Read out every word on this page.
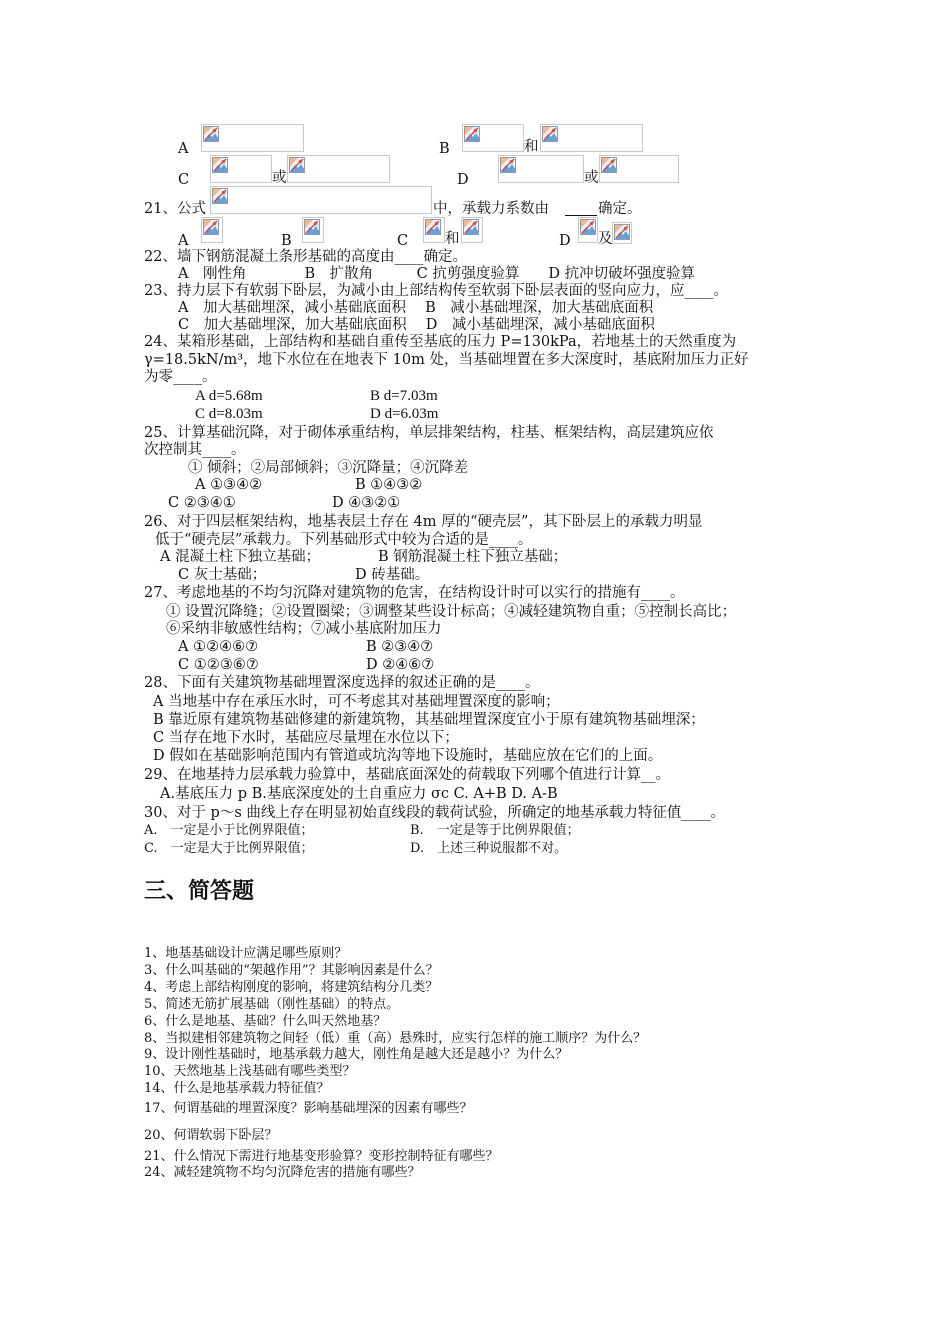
A	B	和
C	或	D	或
21、公式	中，承载力系数由	确定。
A	B	C	和	D 及
22、墙下钢筋混凝土条形基础的高度由____确定。
A　刚性角　　　　B　扩散角　　　C 抗剪强度验算　　D 抗冲切破坏强度验算
23、持力层下有软弱下卧层，为减小由上部结构传至软弱下卧层表面的竖向应力，应____。
A　加大基础埋深，减小基础底面积　 B　减小基础埋深，加大基础底面积
C　加大基础埋深，加大基础底面积　 D　减小基础埋深，减小基础底面积
24、某箱形基础，上部结构和基础自重传至基底的压力 P=130kPa，若地基土的天然重度为
γ=18.5kN/m³，地下水位在在地表下 10m 处，当基础埋置在多大深度时，基底附加压力正好
为零____。
A d=5.68m	B d=7.03m
C d=8.03m	D d=6.03m
25、计算基础沉降，对于砌体承重结构，单层排架结构，柱基、框架结构，高层建筑应依
次控制其____。
① 倾斜；②局部倾斜；③沉降量；④沉降差
A ①③④②	B ①④③②
C ②③④①	D ④③②①
26、对于四层框架结构，地基表层土存在 4m 厚的“硬壳层”，其下卧层上的承载力明显
低于“硬壳层”承载力。下列基础形式中较为合适的是____。
A 混凝土柱下独立基础；	B 钢筋混凝土柱下独立基础；
C 灰士基础；	D 砖基础。
27、考虑地基的不均匀沉降对建筑物的危害，在结构设计时可以实行的措施有____。
① 设置沉降缝；②设置圈梁；③调整某些设计标高；④减轻建筑物自重；⑤控制长高比；
⑥采纳非敏感性结构；⑦减小基底附加压力
A ①②④⑥⑦	B ②③④⑦
C ①②③⑥⑦	D ②④⑥⑦
28、下面有关建筑物基础埋置深度选择的叙述正确的是____。
A 当地基中存在承压水时，可不考虑其对基础埋置深度的影响；
B 靠近原有建筑物基础修建的新建筑物，其基础埋置深度宜小于原有建筑物基础埋深；
C 当存在地下水时，基础应尽量埋在水位以下；
D 假如在基础影响范围内有管道或坑沟等地下设施时，基础应放在它们的上面。
29、在地基持力层承载力验算中，基础底面深处的荷载取下列哪个值进行计算__。
A.基底压力 p B.基底深度处的土自重应力 σc C. A+B D. A-B
30、对于 p～s 曲线上存在明显初始直线段的载荷试验，所确定的地基承载力特征值____。
A.　一定是小于比例界限值；	B.　一定是等于比例界限值；
C.　一定是大于比例界限值；	D.　上述三种说服都不对。
三、简答题
1、地基基础设计应满足哪些原则？
3、什么叫基础的“架越作用”？其影响因素是什么？
4、考虑上部结构刚度的影响，将建筑结构分几类？
5、简述无筋扩展基础（刚性基础）的特点。
6、什么是地基、基础？什么叫天然地基？
8、当拟建相邻建筑物之间轻（低）重（高）悬殊时，应实行怎样的施工顺序？为什么？
9、设计刚性基础时，地基承载力越大，刚性角是越大还是越小？为什么？
10、天然地基上浅基础有哪些类型？
14、什么是地基承载力特征值？
17、何谓基础的埋置深度？影响基础埋深的因素有哪些？
20、何谓软弱下卧层？
21、什么情况下需进行地基变形验算？变形控制特征有哪些？
24、减轻建筑物不均匀沉降危害的措施有哪些？
